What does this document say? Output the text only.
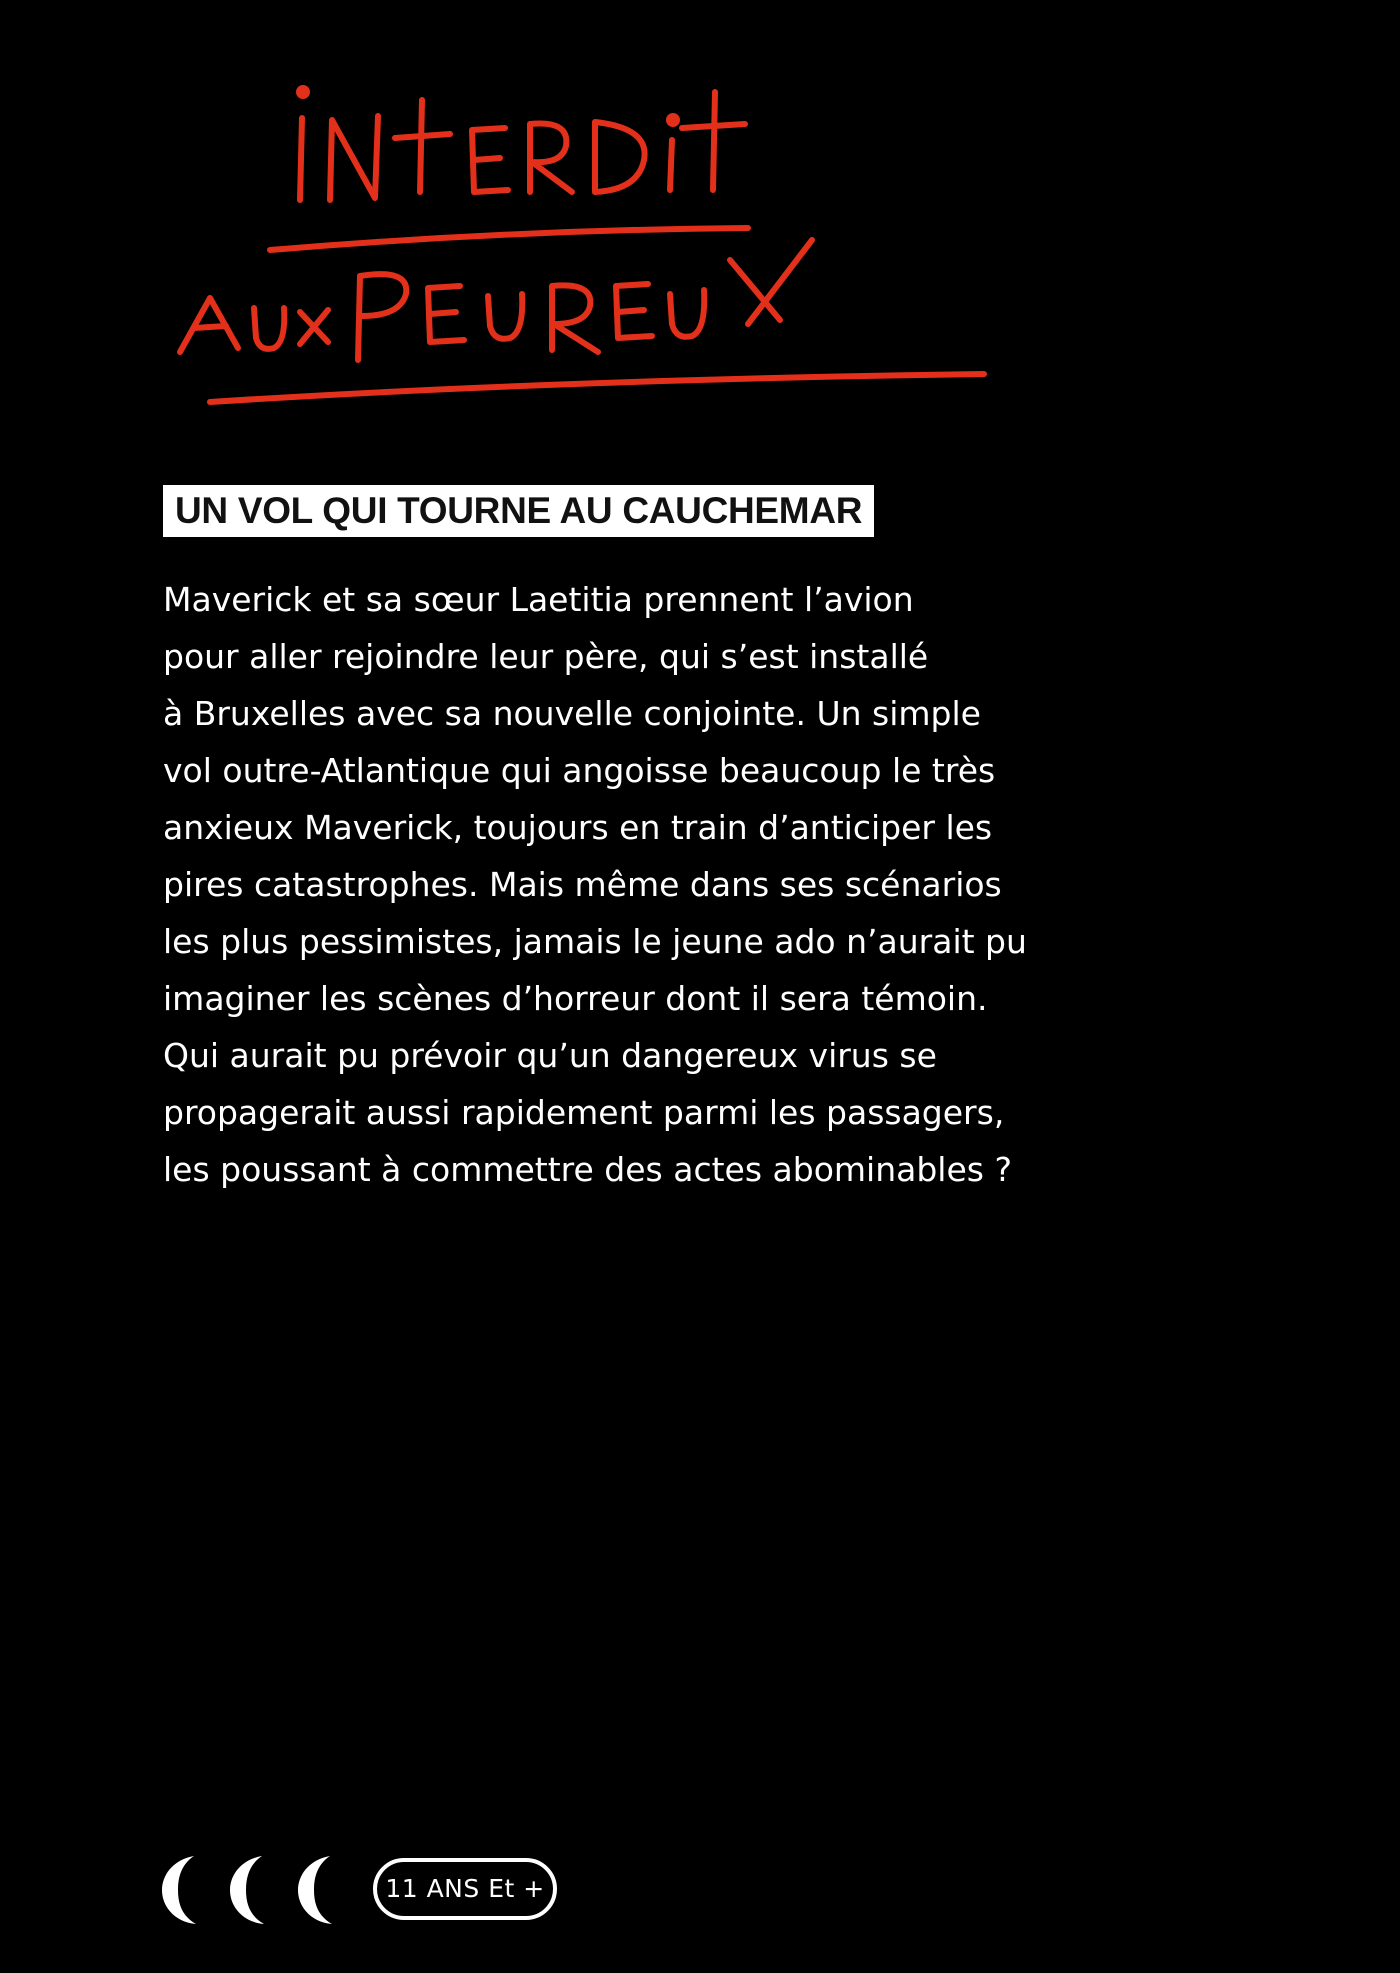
UN VOL QUI TOURNE AU CAUCHEMAR

Maverick et sa sœur Laetitia prennent l’avion

pour aller rejoindre leur père, qui s’est installé

à Bruxelles avec sa nouvelle conjointe. Un simple

vol outre-Atlantique qui angoisse beaucoup le très

anxieux Maverick, toujours en train d’anticiper les

pires catastrophes. Mais même dans ses scénarios

les plus pessimistes, jamais le jeune ado n’aurait pu

imaginer les scènes d’horreur dont il sera témoin.

Qui aurait pu prévoir qu’un dangereux virus se

propagerait aussi rapidement parmi les passagers,

les poussant à commettre des actes abominables ?

11 ANS Et +
